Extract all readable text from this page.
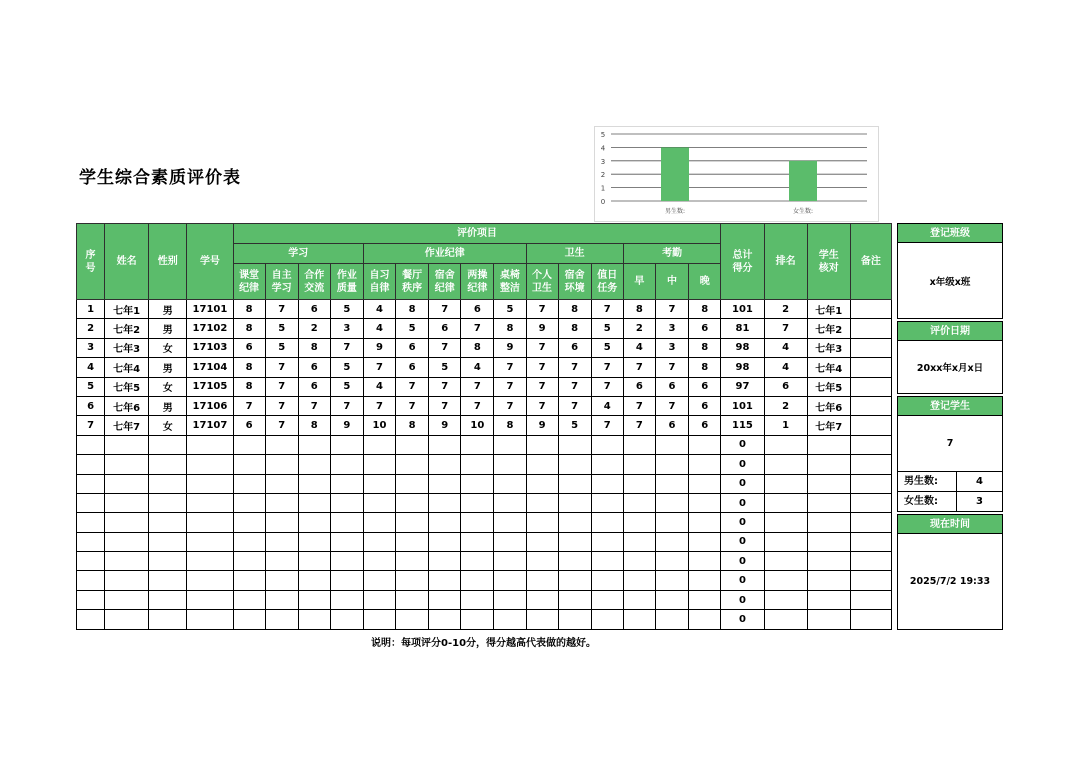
学生综合素质评价表
0
1
2
3
4
5
男生数:	女生数:
序号	姓名	性别	学号	评价项目															总计得分	排名	学生核对	备注
				学习				作业纪律					卫生			考勤						
				课堂纪律	自主学习	合作交流	作业质量	自习自律	餐厅秩序	宿舍纪律	两操纪律	桌椅整洁	个人卫生	宿舍环境	值日任务	早	中	晚				
1	七年1	男	17101	8	7	6	5	4	8	7	6	5	7	8	7	8	7	8	101	2	七年1	
2	七年2	男	17102	8	5	2	3	4	5	6	7	8	9	8	5	2	3	6	81	7	七年2	
3	七年3	女	17103	6	5	8	7	9	6	7	8	9	7	6	5	4	3	8	98	4	七年3	
4	七年4	男	17104	8	7	6	5	7	6	5	4	7	7	7	7	7	7	8	98	4	七年4	
5	七年5	女	17105	8	7	6	5	4	7	7	7	7	7	7	7	6	6	6	97	6	七年5	
6	七年6	男	17106	7	7	7	7	7	7	7	7	7	7	7	4	7	7	6	101	2	七年6	
7	七年7	女	17107	6	7	8	9	10	8	9	10	8	9	5	7	7	6	6	115	1	七年7	
																			0			
																			0			
																			0			
																			0			
																			0			
																			0			
																			0			
																			0			
																			0			
																			0			
登记班级
x年级x班
评价日期
20xx年x月x日
登记学生
7
男生数:	4
女生数:	3
现在时间
2025/7/2 19:33
说明：每项评分0-10分，得分越高代表做的越好。
